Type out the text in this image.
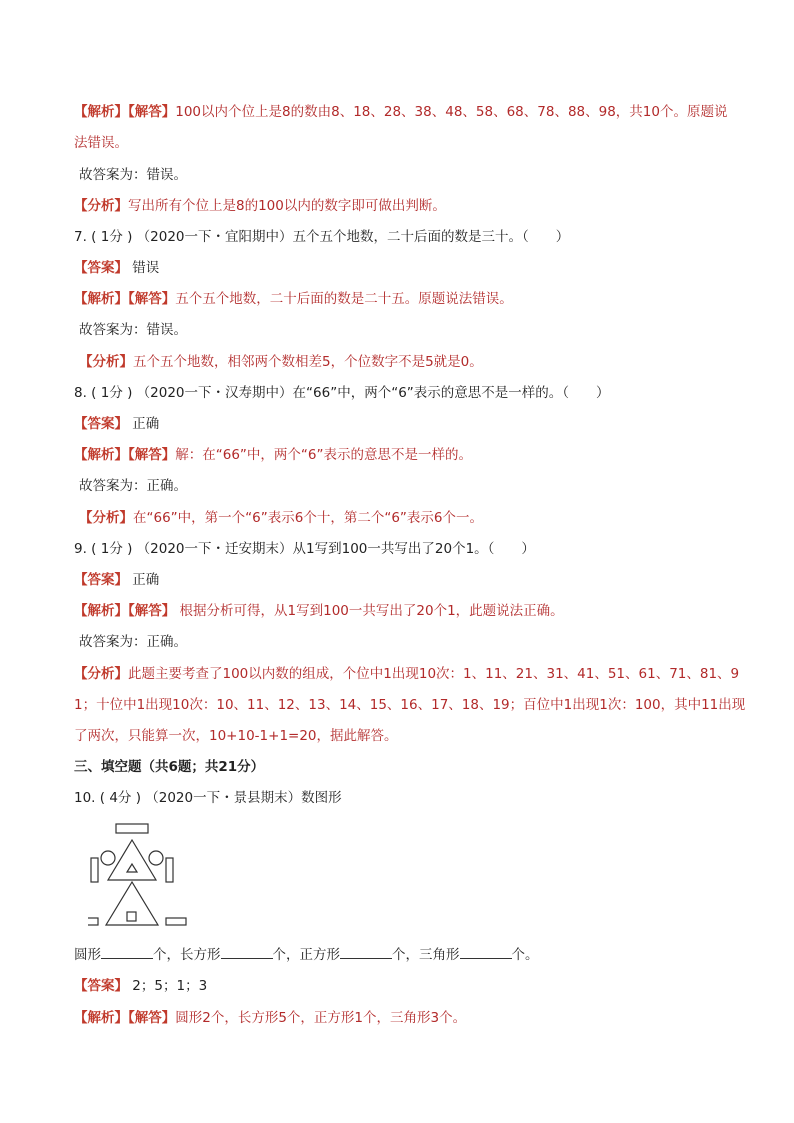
【解析】【解答】100以内个位上是8的数由8、18、28、38、48、58、68、78、88、98，共10个。原题说
法错误。
故答案为：错误。
【分析】写出所有个位上是8的100以内的数字即可做出判断。
7. ( 1分 ) （2020一下・宜阳期中）五个五个地数，二十后面的数是三十。（　　）
【答案】 错误
【解析】【解答】五个五个地数，二十后面的数是二十五。原题说法错误。
故答案为：错误。
【分析】五个五个地数，相邻两个数相差5，个位数字不是5就是0。
8. ( 1分 ) （2020一下・汉寿期中）在“66”中，两个“6”表示的意思不是一样的。（　　）
【答案】 正确
【解析】【解答】解：在“66”中，两个“6”表示的意思不是一样的。
故答案为：正确。
【分析】在“66”中，第一个“6”表示6个十，第二个“6”表示6个一。
9. ( 1分 ) （2020一下・迁安期末）从1写到100一共写出了20个1。（　　）
【答案】 正确
【解析】【解答】 根据分析可得，从1写到100一共写出了20个1，此题说法正确。
故答案为：正确。
【分析】此题主要考查了100以内数的组成，个位中1出现10次：1、11、21、31、41、51、61、71、81、9
1；十位中1出现10次：10、11、12、13、14、15、16、17、18、19；百位中1出现1次：100，其中11出现
了两次，只能算一次，10+10-1+1=20，据此解答。
三、填空题（共6题；共21分）
10. ( 4分 ) （2020一下・景县期末）数图形
圆形	个，长方形	个，正方形	个，三角形	个。
【答案】 2；5；1；3
【解析】【解答】圆形2个，长方形5个，正方形1个，三角形3个。
